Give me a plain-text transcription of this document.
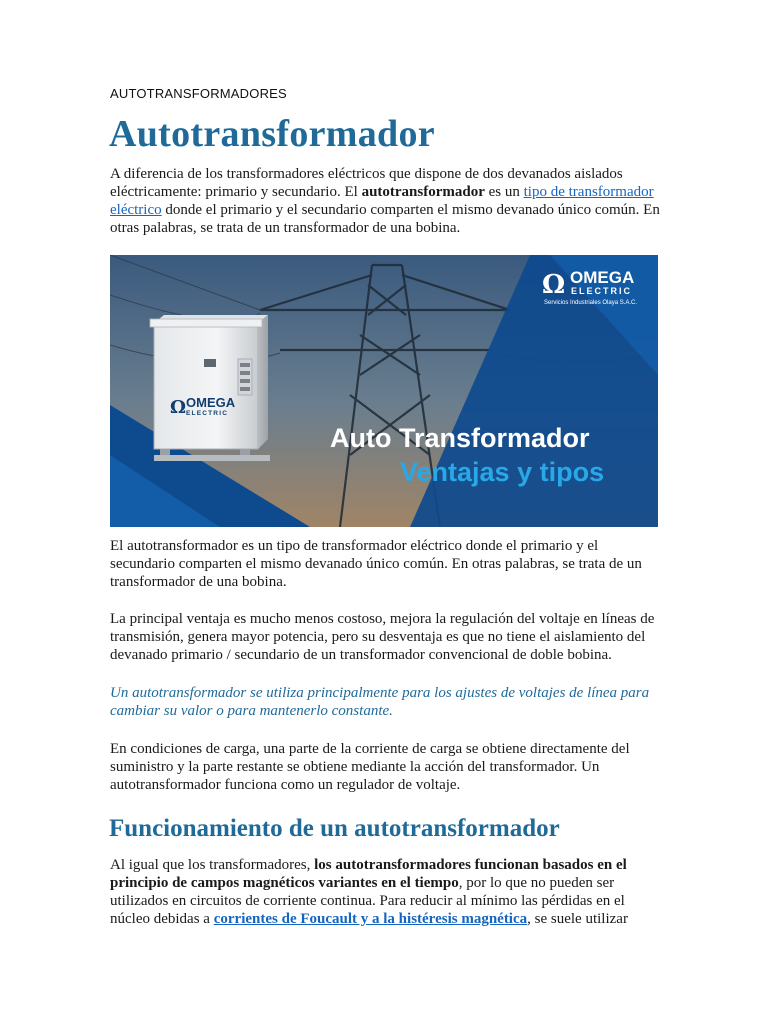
AUTOTRANSFORMADORES
Autotransformador

A diferencia de los transformadores eléctricos que dispone de dos devanados aislados eléctricamente: primario y secundario. El autotransformador es un tipo de transformador eléctrico donde el primario y el secundario comparten el mismo devanado único común. En otras palabras, se trata de un transformador de una bobina.

Ω OMEGA
ELECTRIC
Servicios Industriales Olaya S.A.C.
Ω OMEGA
ELECTRIC
Auto Transformador
Ventajas y tipos

El autotransformador es un tipo de transformador eléctrico donde el primario y el secundario comparten el mismo devanado único común. En otras palabras, se trata de un transformador de una bobina.

La principal ventaja es mucho menos costoso, mejora la regulación del voltaje en líneas de transmisión, genera mayor potencia, pero su desventaja es que no tiene el aislamiento del devanado primario / secundario de un transformador convencional de doble bobina.

Un autotransformador se utiliza principalmente para los ajustes de voltajes de línea para cambiar su valor o para mantenerlo constante.

En condiciones de carga, una parte de la corriente de carga se obtiene directamente del suministro y la parte restante se obtiene mediante la acción del transformador. Un autotransformador funciona como un regulador de voltaje.

Funcionamiento de un autotransformador

Al igual que los transformadores, los autotransformadores funcionan basados en el principio de campos magnéticos variantes en el tiempo, por lo que no pueden ser utilizados en circuitos de corriente continua. Para reducir al mínimo las pérdidas en el núcleo debidas a corrientes de Foucault y a la histéresis magnética, se suele utilizar
